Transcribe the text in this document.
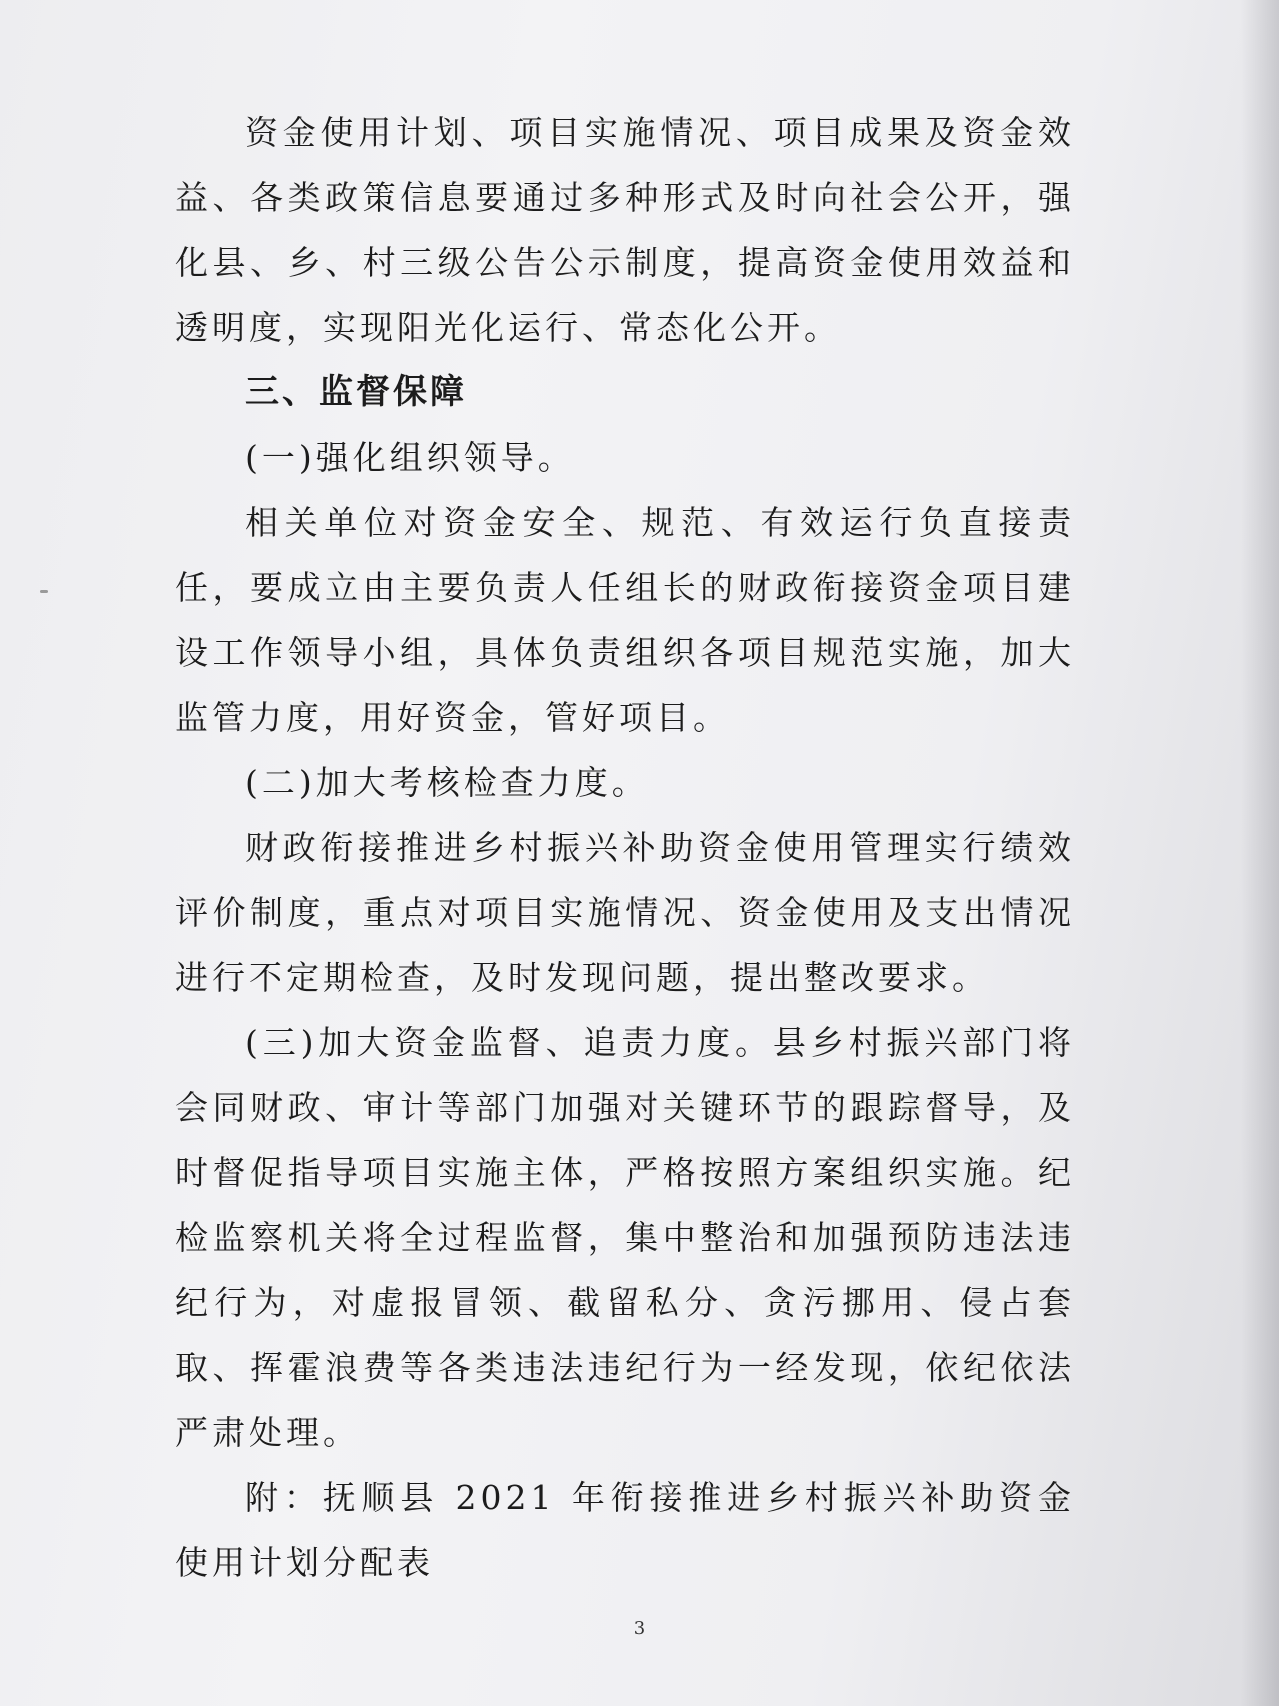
资金使用计划、项目实施情况、项目成果及资金效益、各类政策信息要通过多种形式及时向社会公开，强化县、乡、村三级公告公示制度，提高资金使用效益和透明度，实现阳光化运行、常态化公开。

三、监督保障

(一)强化组织领导。

相关单位对资金安全、规范、有效运行负直接责任，要成立由主要负责人任组长的财政衔接资金项目建设工作领导小组，具体负责组织各项目规范实施，加大监管力度，用好资金，管好项目。

(二)加大考核检查力度。

财政衔接推进乡村振兴补助资金使用管理实行绩效评价制度，重点对项目实施情况、资金使用及支出情况进行不定期检查，及时发现问题，提出整改要求。

(三)加大资金监督、追责力度。县乡村振兴部门将会同财政、审计等部门加强对关键环节的跟踪督导，及时督促指导项目实施主体，严格按照方案组织实施。纪检监察机关将全过程监督，集中整治和加强预防违法违纪行为，对虚报冒领、截留私分、贪污挪用、侵占套取、挥霍浪费等各类违法违纪行为一经发现，依纪依法严肃处理。

附：抚顺县 2021 年衔接推进乡村振兴补助资金使用计划分配表

3
